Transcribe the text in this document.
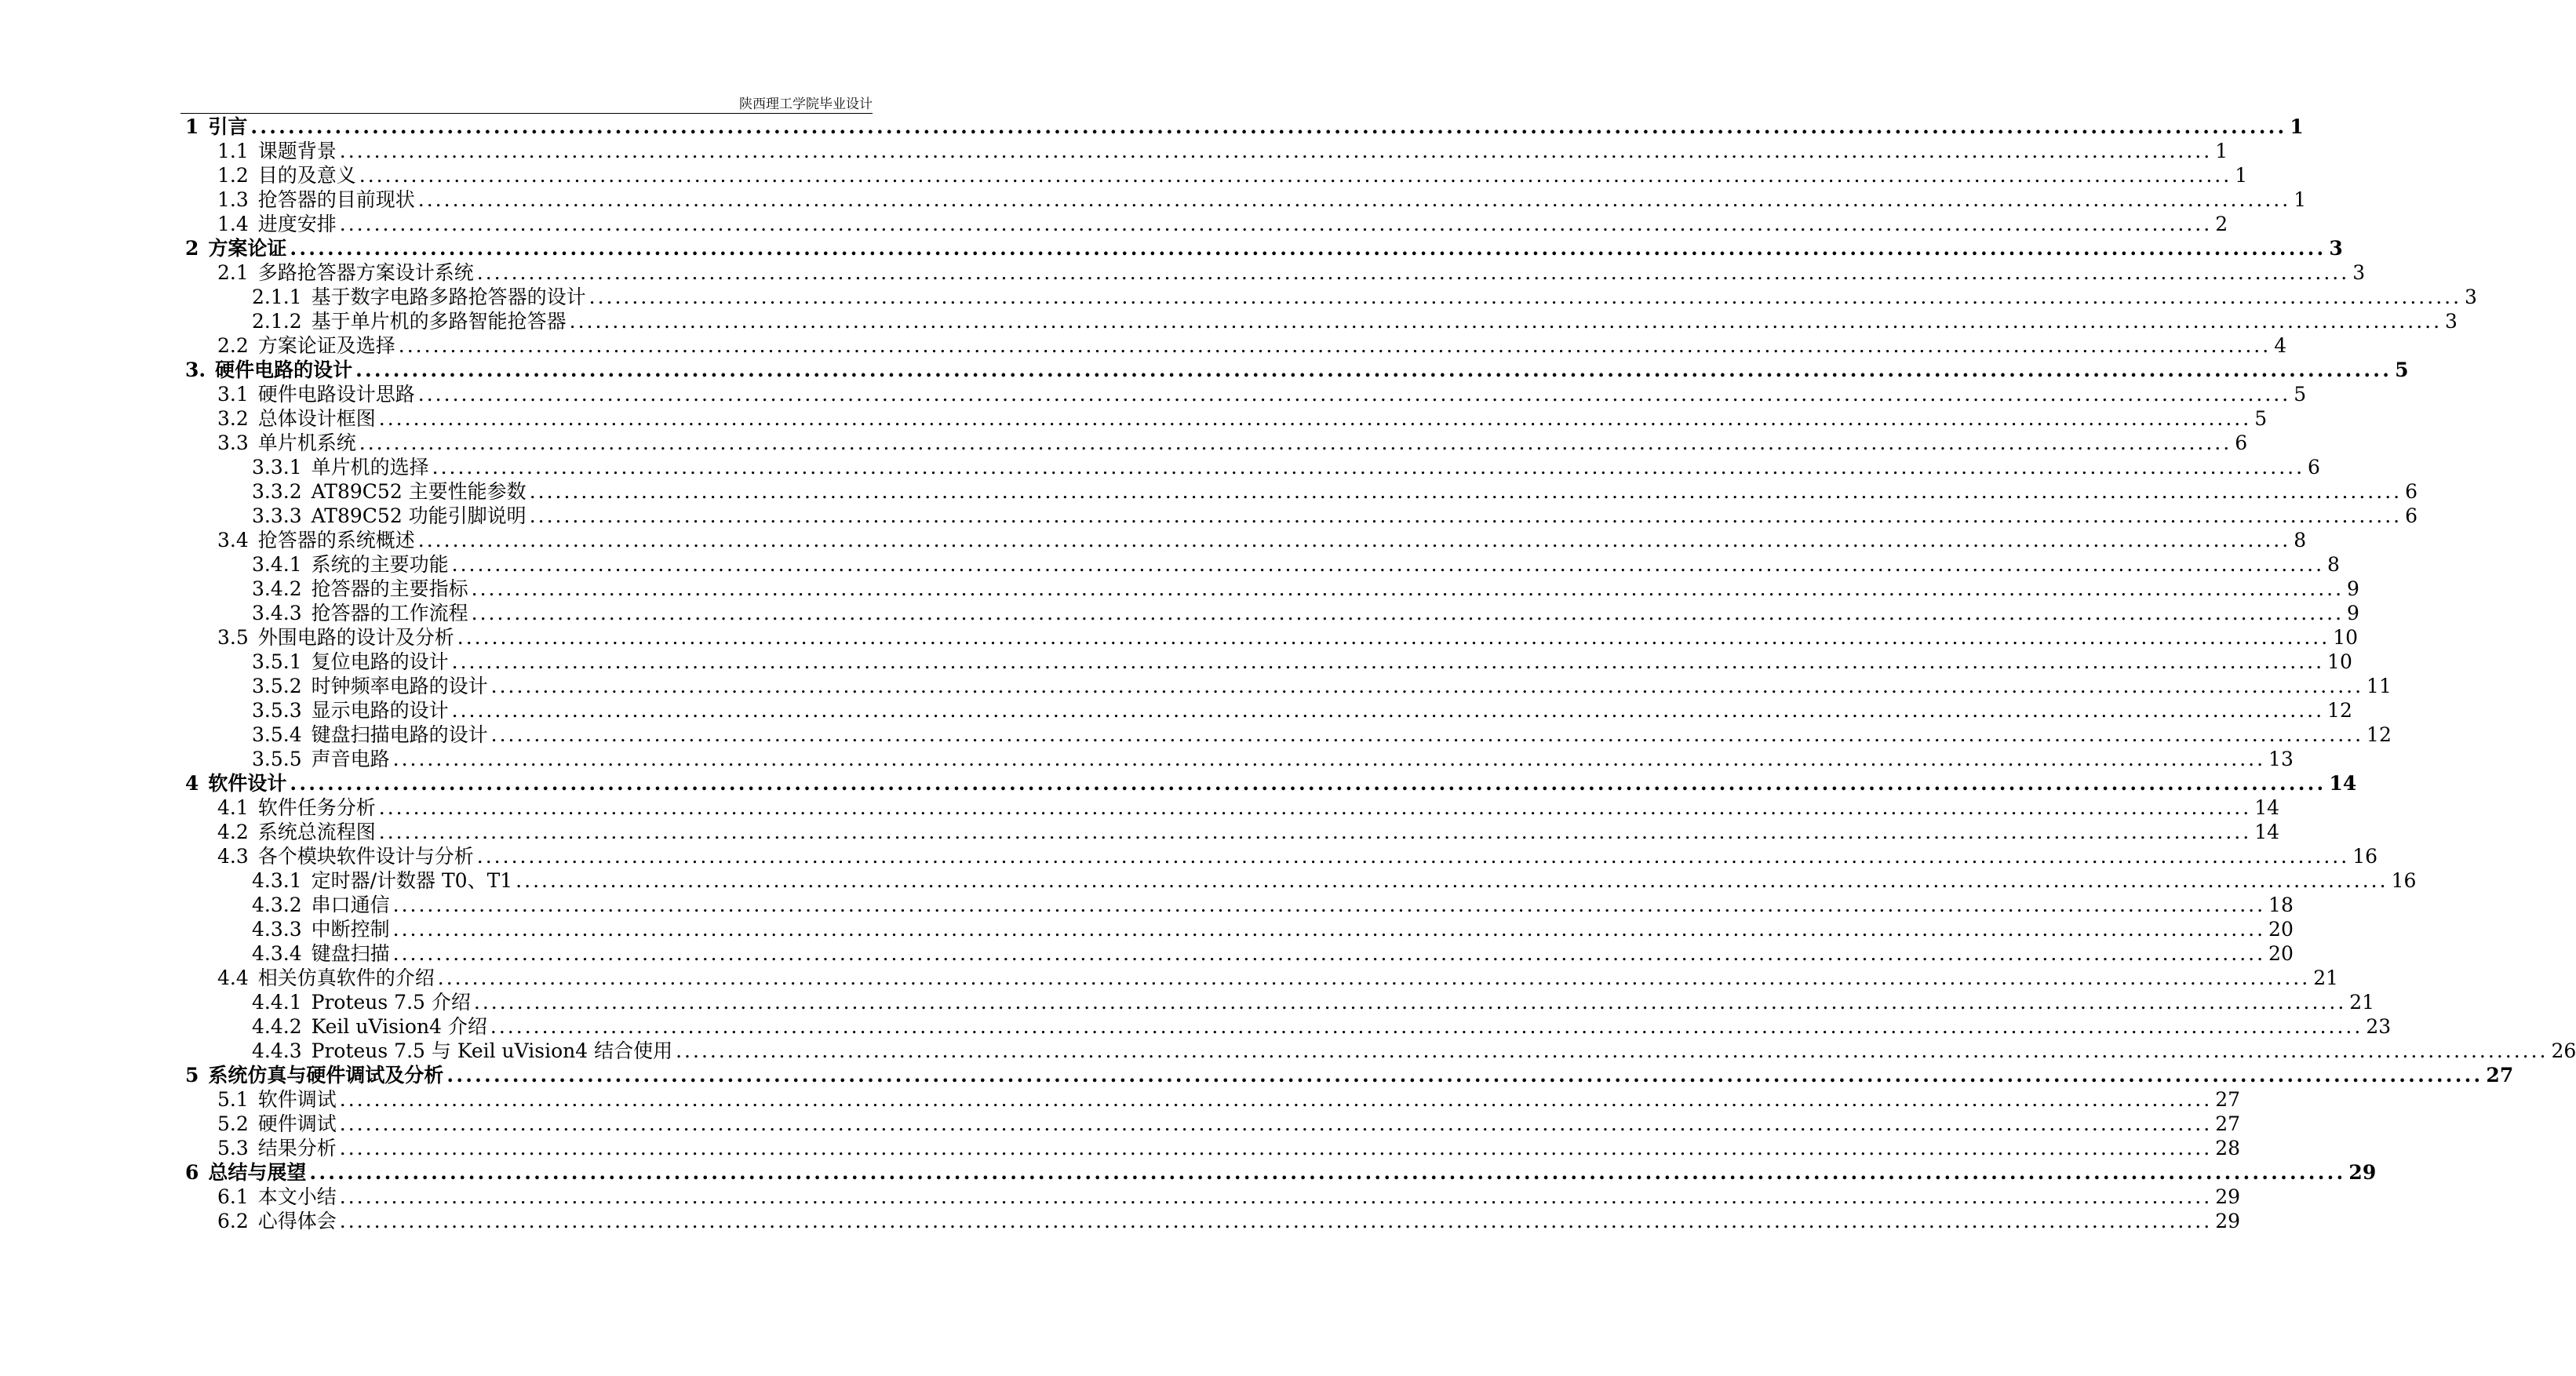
陕西理工学院毕业设计
1 引言 .......................................................................................................................................................................................................................... 1
1.1 课题背景 .......................................................................................................................................................................................................................... 1
1.2 目的及意义 .......................................................................................................................................................................................................................... 1
1.3 抢答器的目前现状 .......................................................................................................................................................................................................................... 1
1.4 进度安排 .......................................................................................................................................................................................................................... 2
2 方案论证 .......................................................................................................................................................................................................................... 3
2.1 多路抢答器方案设计系统 .......................................................................................................................................................................................................................... 3
2.1.1 基于数字电路多路抢答器的设计 .......................................................................................................................................................................................................................... 3
2.1.2 基于单片机的多路智能抢答器 .......................................................................................................................................................................................................................... 3
2.2 方案论证及选择 .......................................................................................................................................................................................................................... 4
3. 硬件电路的设计 .......................................................................................................................................................................................................................... 5
3.1 硬件电路设计思路 .......................................................................................................................................................................................................................... 5
3.2 总体设计框图 .......................................................................................................................................................................................................................... 5
3.3 单片机系统 .......................................................................................................................................................................................................................... 6
3.3.1 单片机的选择 .......................................................................................................................................................................................................................... 6
3.3.2 AT89C52 主要性能参数 .......................................................................................................................................................................................................................... 6
3.3.3 AT89C52 功能引脚说明 .......................................................................................................................................................................................................................... 6
3.4 抢答器的系统概述 .......................................................................................................................................................................................................................... 8
3.4.1 系统的主要功能 .......................................................................................................................................................................................................................... 8
3.4.2 抢答器的主要指标 .......................................................................................................................................................................................................................... 9
3.4.3 抢答器的工作流程 .......................................................................................................................................................................................................................... 9
3.5 外围电路的设计及分析 .......................................................................................................................................................................................................................... 10
3.5.1 复位电路的设计 .......................................................................................................................................................................................................................... 10
3.5.2 时钟频率电路的设计 .......................................................................................................................................................................................................................... 11
3.5.3 显示电路的设计 .......................................................................................................................................................................................................................... 12
3.5.4 键盘扫描电路的设计 .......................................................................................................................................................................................................................... 12
3.5.5 声音电路 .......................................................................................................................................................................................................................... 13
4 软件设计 .......................................................................................................................................................................................................................... 14
4.1 软件任务分析 .......................................................................................................................................................................................................................... 14
4.2 系统总流程图 .......................................................................................................................................................................................................................... 14
4.3 各个模块软件设计与分析 .......................................................................................................................................................................................................................... 16
4.3.1 定时器/计数器 T0、T1 .......................................................................................................................................................................................................................... 16
4.3.2 串口通信 .......................................................................................................................................................................................................................... 18
4.3.3 中断控制 .......................................................................................................................................................................................................................... 20
4.3.4 键盘扫描 .......................................................................................................................................................................................................................... 20
4.4 相关仿真软件的介绍 .......................................................................................................................................................................................................................... 21
4.4.1 Proteus 7.5 介绍 .......................................................................................................................................................................................................................... 21
4.4.2 Keil uVision4 介绍 .......................................................................................................................................................................................................................... 23
4.4.3 Proteus 7.5 与 Keil uVision4 结合使用 .......................................................................................................................................................................................................................... 26
5 系统仿真与硬件调试及分析 .......................................................................................................................................................................................................................... 27
5.1 软件调试 .......................................................................................................................................................................................................................... 27
5.2 硬件调试 .......................................................................................................................................................................................................................... 27
5.3 结果分析 .......................................................................................................................................................................................................................... 28
6 总结与展望 .......................................................................................................................................................................................................................... 29
6.1 本文小结 .......................................................................................................................................................................................................................... 29
6.2 心得体会 .......................................................................................................................................................................................................................... 29
